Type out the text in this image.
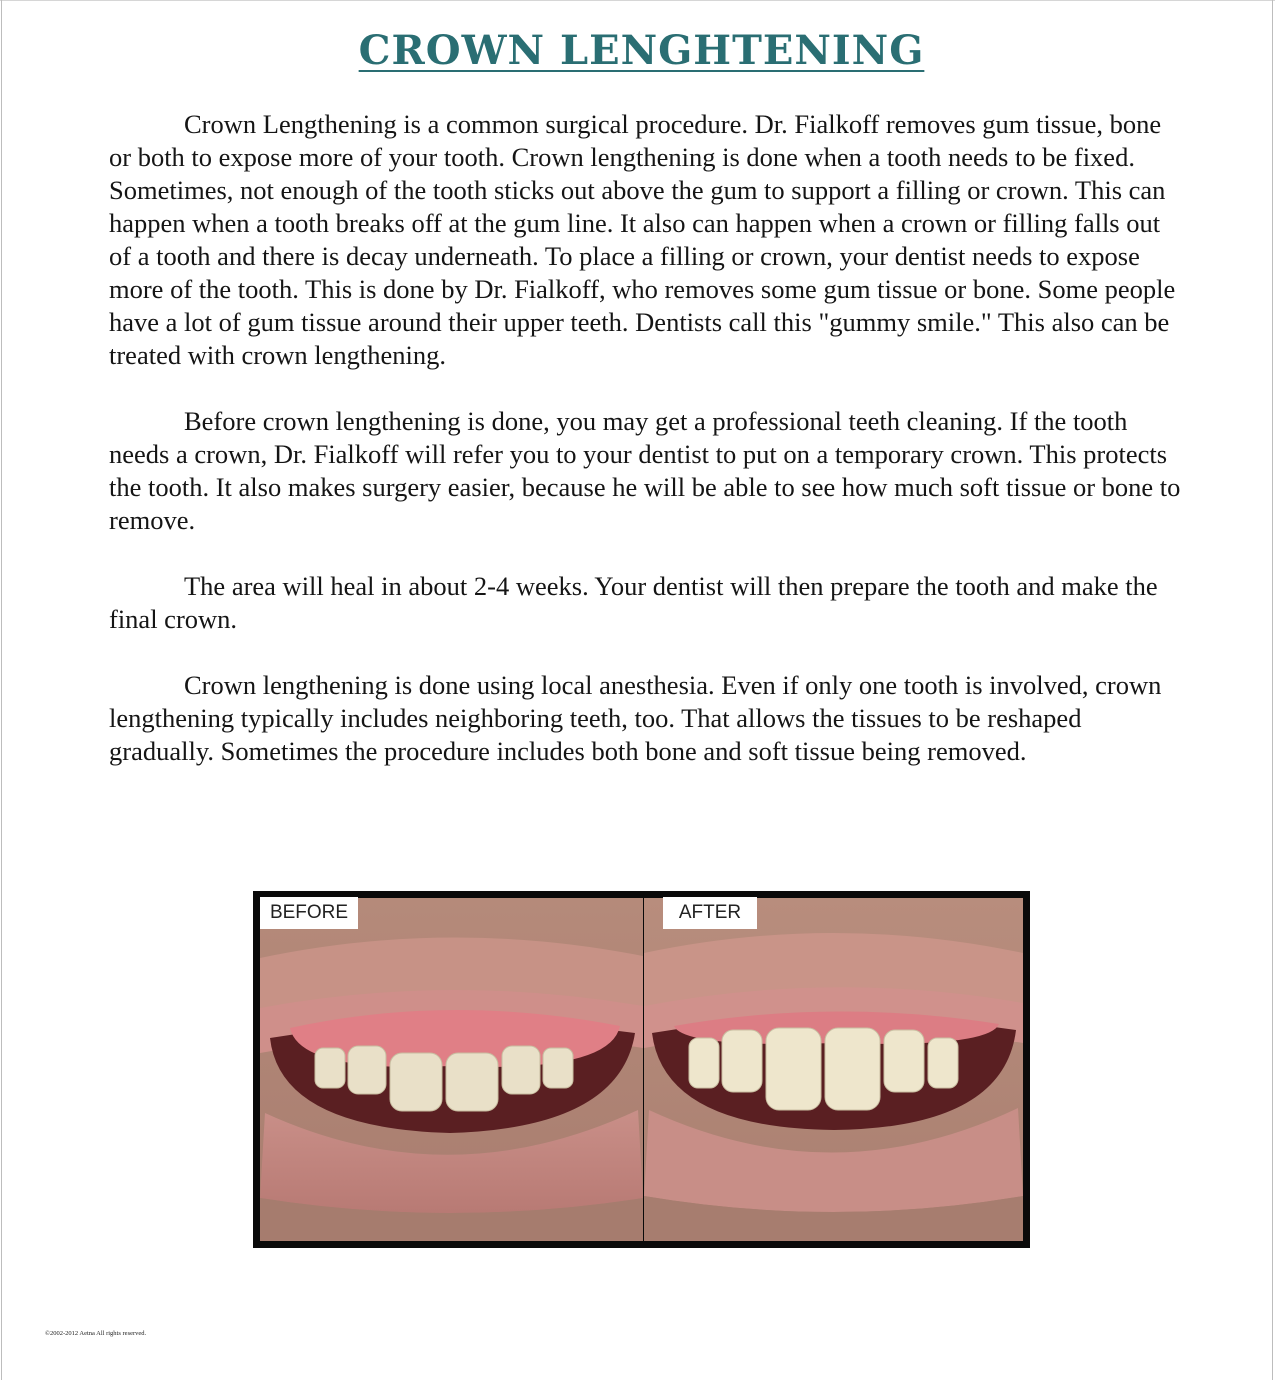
CROWN LENGHTENING

Crown Lengthening is a common surgical procedure. Dr. Fialkoff removes gum tissue, bone or both to expose more of your tooth. Crown lengthening is done when a tooth needs to be fixed. Sometimes, not enough of the tooth sticks out above the gum to support a filling or crown. This can happen when a tooth breaks off at the gum line. It also can happen when a crown or filling falls out of a tooth and there is decay underneath. To place a filling or crown, your dentist needs to expose more of the tooth. This is done by Dr. Fialkoff, who removes some gum tissue or bone. Some people have a lot of gum tissue around their upper teeth. Dentists call this "gummy smile." This also can be treated with crown lengthening.

Before crown lengthening is done, you may get a professional teeth cleaning. If the tooth needs a crown, Dr. Fialkoff will refer you to your dentist to put on a temporary crown. This protects the tooth. It also makes surgery easier, because he will be able to see how much soft tissue or bone to remove.

The area will heal in about 2-4 weeks. Your dentist will then prepare the tooth and make the final crown.

Crown lengthening is done using local anesthesia. Even if only one tooth is involved, crown lengthening typically includes neighboring teeth, too. That allows the tissues to be reshaped gradually. Sometimes the procedure includes both bone and soft tissue being removed.

BEFORE	AFTER
©2002-2012 Aetna All rights reserved.
